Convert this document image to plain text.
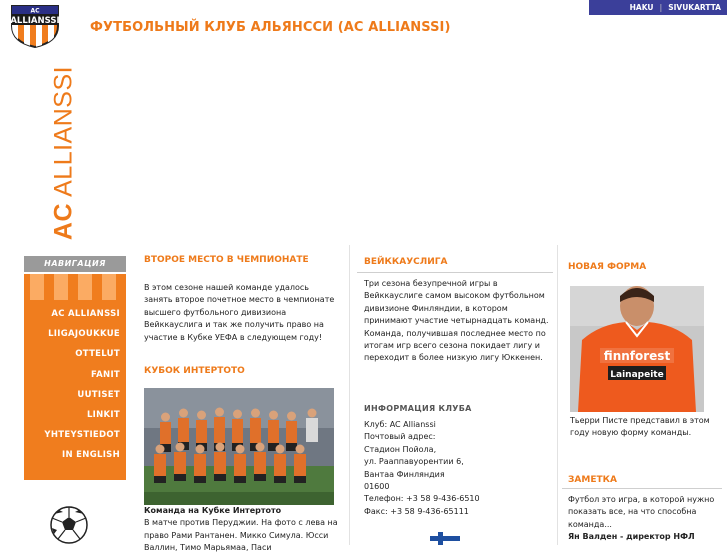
AC
ALLIANSSI ФУТБОЛЬНЫЙ КЛУБ АЛЬЯНССИ (AC ALLIANSSI)
HAKU | SIVUKARTTA
AC ALLIANSSI
НАВИГАЦИЯ
AC ALLIANSSI
LIIGAJOUKKUE
OTTELUT
FANIT
UUTISET
LINKIT
YHTEYSTIEDOT
IN ENGLISH
ВТОРОЕ МЕСТО В ЧЕМПИОНАТЕ
В этом сезоне нашей команде удалось занять второе почетное место в чемпионате высшего футбольного дивизиона Вейккауслига и так же получить право на участие в Кубке УЕФА в следующем году!
КУБОК ИНТЕРТОТО
Команда на Кубке Интертото
В матче против Перуджии. На фото с лева на право Рами Рантанен. Микко Симула. Юсси Валлин, Тимо Марьямаа, Паси
ВЕЙККАУСЛИГА
Три сезона безупречной игры в Вейккауслиге самом высоком футбольном дивизионе Финляндии, в котором принимают участие четырнадцать команд. Команда, получившая последнее место по итогам игр всего сезона покидает лигу и переходит в более низкую лигу Юккенен.
ИНФОРМАЦИЯ КЛУБА
Клуб: AC Allianssi
Почтовый адрес:
Стадион Пойола,
ул. Рааппавуорентии 6,
Вантаа Финляндия
01600
Телефон: +3 58 9-436-6510
Факс: +3 58 9-436-65111
НОВАЯ ФОРМА
finnforest
Lainapeite
Тьерри Писте представил в этом году новую форму команды.
ЗАМЕТКА
Футбол это игра, в которой нужно показать все, на что способна команда...
Ян Валден - директор НФЛ
